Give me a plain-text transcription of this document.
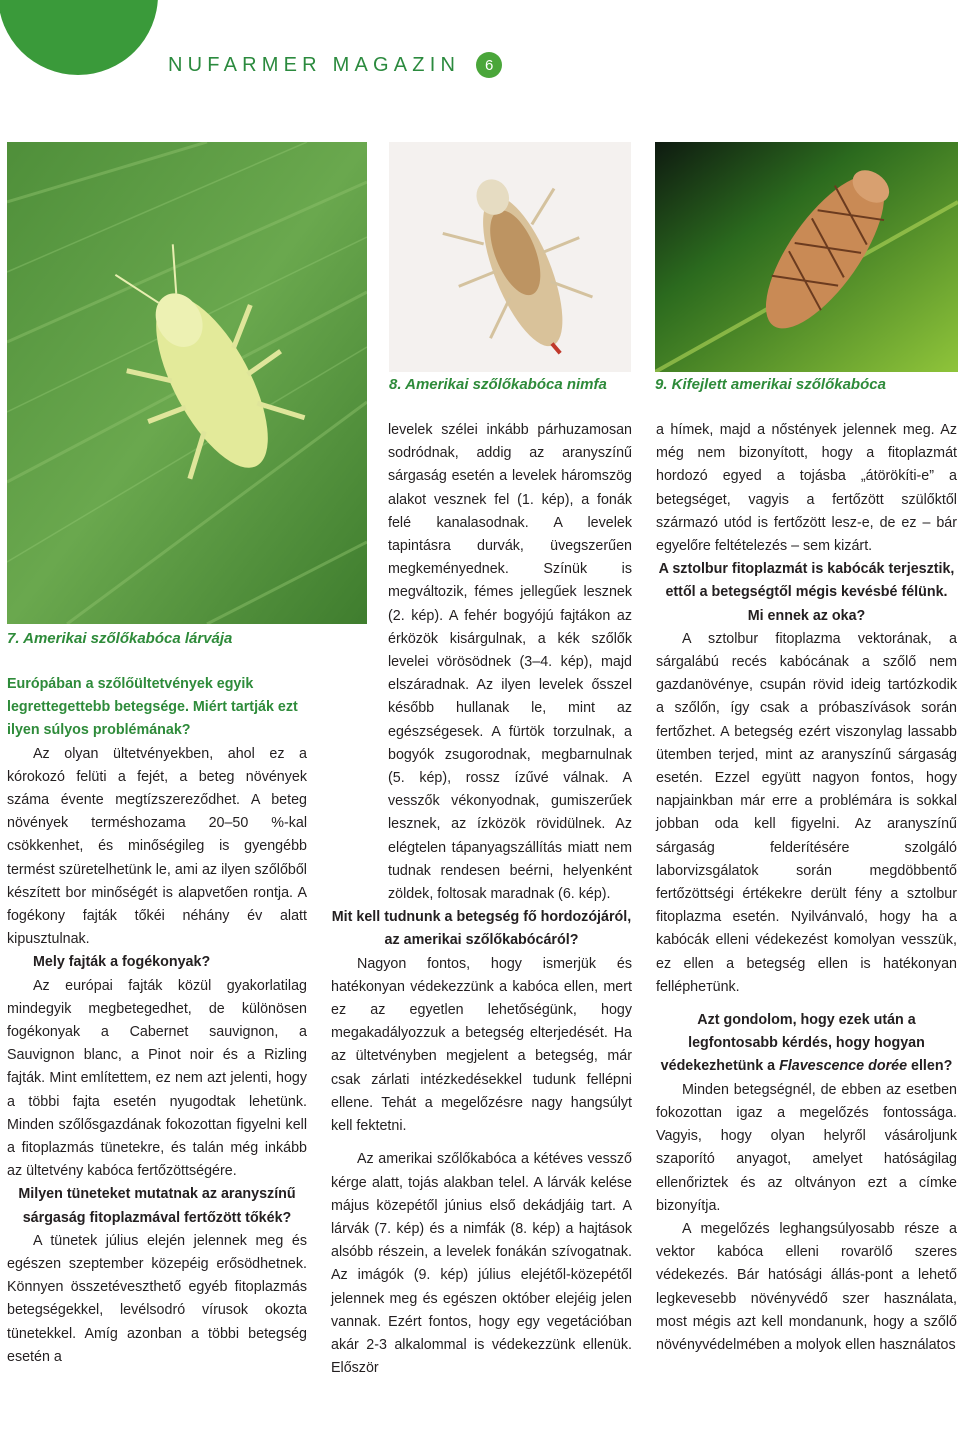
NUFARMER MAGAZIN	6
7. Amerikai szőlőkabóca lárvája
8. Amerikai szőlőkabóca nimfa	9. Kifejlett amerikai szőlőkabóca

Európában a szőlőültetvények egyik legrettegettebb betegsége. Miért tartják ezt ilyen súlyos problémának?

Az olyan ültetvényekben, ahol ez a kórokozó felüti a fejét, a beteg növények száma évente megtízszereződhet. A beteg növények terméshozama 20–50 %-kal csökkenhet, és minőségileg is gyengébb termést szüretelhetünk le, ami az ilyen szőlőből készített bor minőségét is alapvetően rontja. A fogékony fajták tőkéi néhány év alatt kipusztulnak.

Mely fajták a fogékonyak?

Az európai fajták közül gyakorlatilag mindegyik megbetegedhet, de különösen fogékonyak a Cabernet sauvignon, a Sauvignon blanc, a Pinot noir és a Rizling fajták. Mint említettem, ez nem azt jelenti, hogy a többi fajta esetén nyugodtak lehetünk. Minden szőlősgazdának fokozottan figyelni kell a fitoplazmás tünetekre, és talán még inkább az ültetvény kabóca fertőzöttségére.

Milyen tüneteket mutatnak az aranyszínű sárgaság fitoplazmával fertőzött tőkék?

A tünetek július elején jelennek meg és egészen szeptember közepéig erősödhetnek. Könnyen összetéveszthető egyéb fitoplazmás betegségekkel, levélsodró vírusok okozta tünetekkel. Amíg azonban a többi betegség esetén a

levelek szélei inkább párhuzamosan sodródnak, addig az aranyszínű sárgaság esetén a levelek háromszög alakot vesznek fel (1. kép), a fonák felé kanalasodnak. A levelek tapintásra durvák, üvegszerűen megkeményednek. Színük is megváltozik, fémes jellegűek lesznek (2. kép). A fehér bogyójú fajtákon az érközök kisárgulnak, a kék szőlők levelei vörösödnek (3–4. kép), majd elszáradnak. Az ilyen levelek ősszel később hullanak le, mint az egészségesek. A fürtök torzulnak, a bogyók zsugorodnak, megbarnulnak (5. kép), rossz ízűvé válnak. A vesszők vékonyodnak, gumiszerűek lesznek, az ízközök rövidülnek. Az elégtelen tápanyagszállítás miatt nem tudnak rendesen beérni, helyenként zöldek, foltosak maradnak (6. kép).

Mit kell tudnunk a betegség fő hordozójáról, az amerikai szőlőkabócáról?

Nagyon fontos, hogy ismerjük és hatékonyan védekezzünk a kabóca ellen, mert ez az egyetlen lehetőségünk, hogy megakadályozzuk a betegség elterjedését. Ha az ültetvényben megjelent a betegség, már csak zárlati intézkedésekkel tudunk fellépni ellene. Tehát a megelőzésre nagy hangsúlyt kell fektetni.

Az amerikai szőlőkabóca a kétéves vessző kérge alatt, tojás alakban telel. A lárvák kelése május közepétől június első dekádjáig tart. A lárvák (7. kép) és a nimfák (8. kép) a hajtások alsóbb részein, a levelek fonákán szívogatnak. Az imágók (9. kép) július elejétől-közepétől jelennek meg és egészen október elejéig jelen vannak. Ezért fontos, hogy egy vegetációban akár 2-3 alkalommal is védekezzünk ellenük. Először

a hímek, majd a nőstények jelennek meg. Az még nem bizonyított, hogy a fitoplazmát hordozó egyed a tojásba „átörökíti-e” a betegséget, vagyis a fertőzött szülőktől származó utód is fertőzött lesz-e, de ez – bár egyelőre feltételezés – sem kizárt.

A sztolbur fitoplazmát is kabócák terjesztik, ettől a betegségtől mégis kevésbé félünk. Mi ennek az oka?

A sztolbur fitoplazma vektorának, a sárgalábú recés kabócának a szőlő nem gazdanövénye, csupán rövid ideig tartózkodik a szőlőn, így csak a próbaszívások során fertőzhet. A betegség ezért viszonylag lassabb ütemben terjed, mint az aranyszínű sárgaság esetén. Ezzel együtt nagyon fontos, hogy napjainkban már erre a problémára is sokkal jobban oda kell figyelni. Az aranyszínű sárgaság felderítésére szolgáló laborvizsgálatok során megdöbbentő fertőzöttségi értékekre derült fény a sztolbur fitoplazma esetén. Nyilvánvaló, hogy ha a kabócák elleni védekezést komolyan vesszük, ez ellen a betegség ellen is hatékonyan fellépheтünk.

Azt gondolom, hogy ezek után a legfontosabb kérdés, hogy hogyan védekezhetünk a Flavescence dorée ellen?

Minden betegségnél, de ebben az esetben fokozottan igaz a megelőzés fontossága. Vagyis, hogy olyan helyről vásároljunk szaporító anyagot, amelyet hatóságilag ellenőriztek és az oltványon ezt a címke bizonyítja.

A megelőzés leghangsúlyosabb része a vektor kabóca elleni rovarölő szeres védekezés. Bár hatósági állás-pont a lehető legkevesebb növényvédő szer használata, most mégis azt kell mondanunk, hogy a szőlő növényvédelmében a molyok ellen használatos
